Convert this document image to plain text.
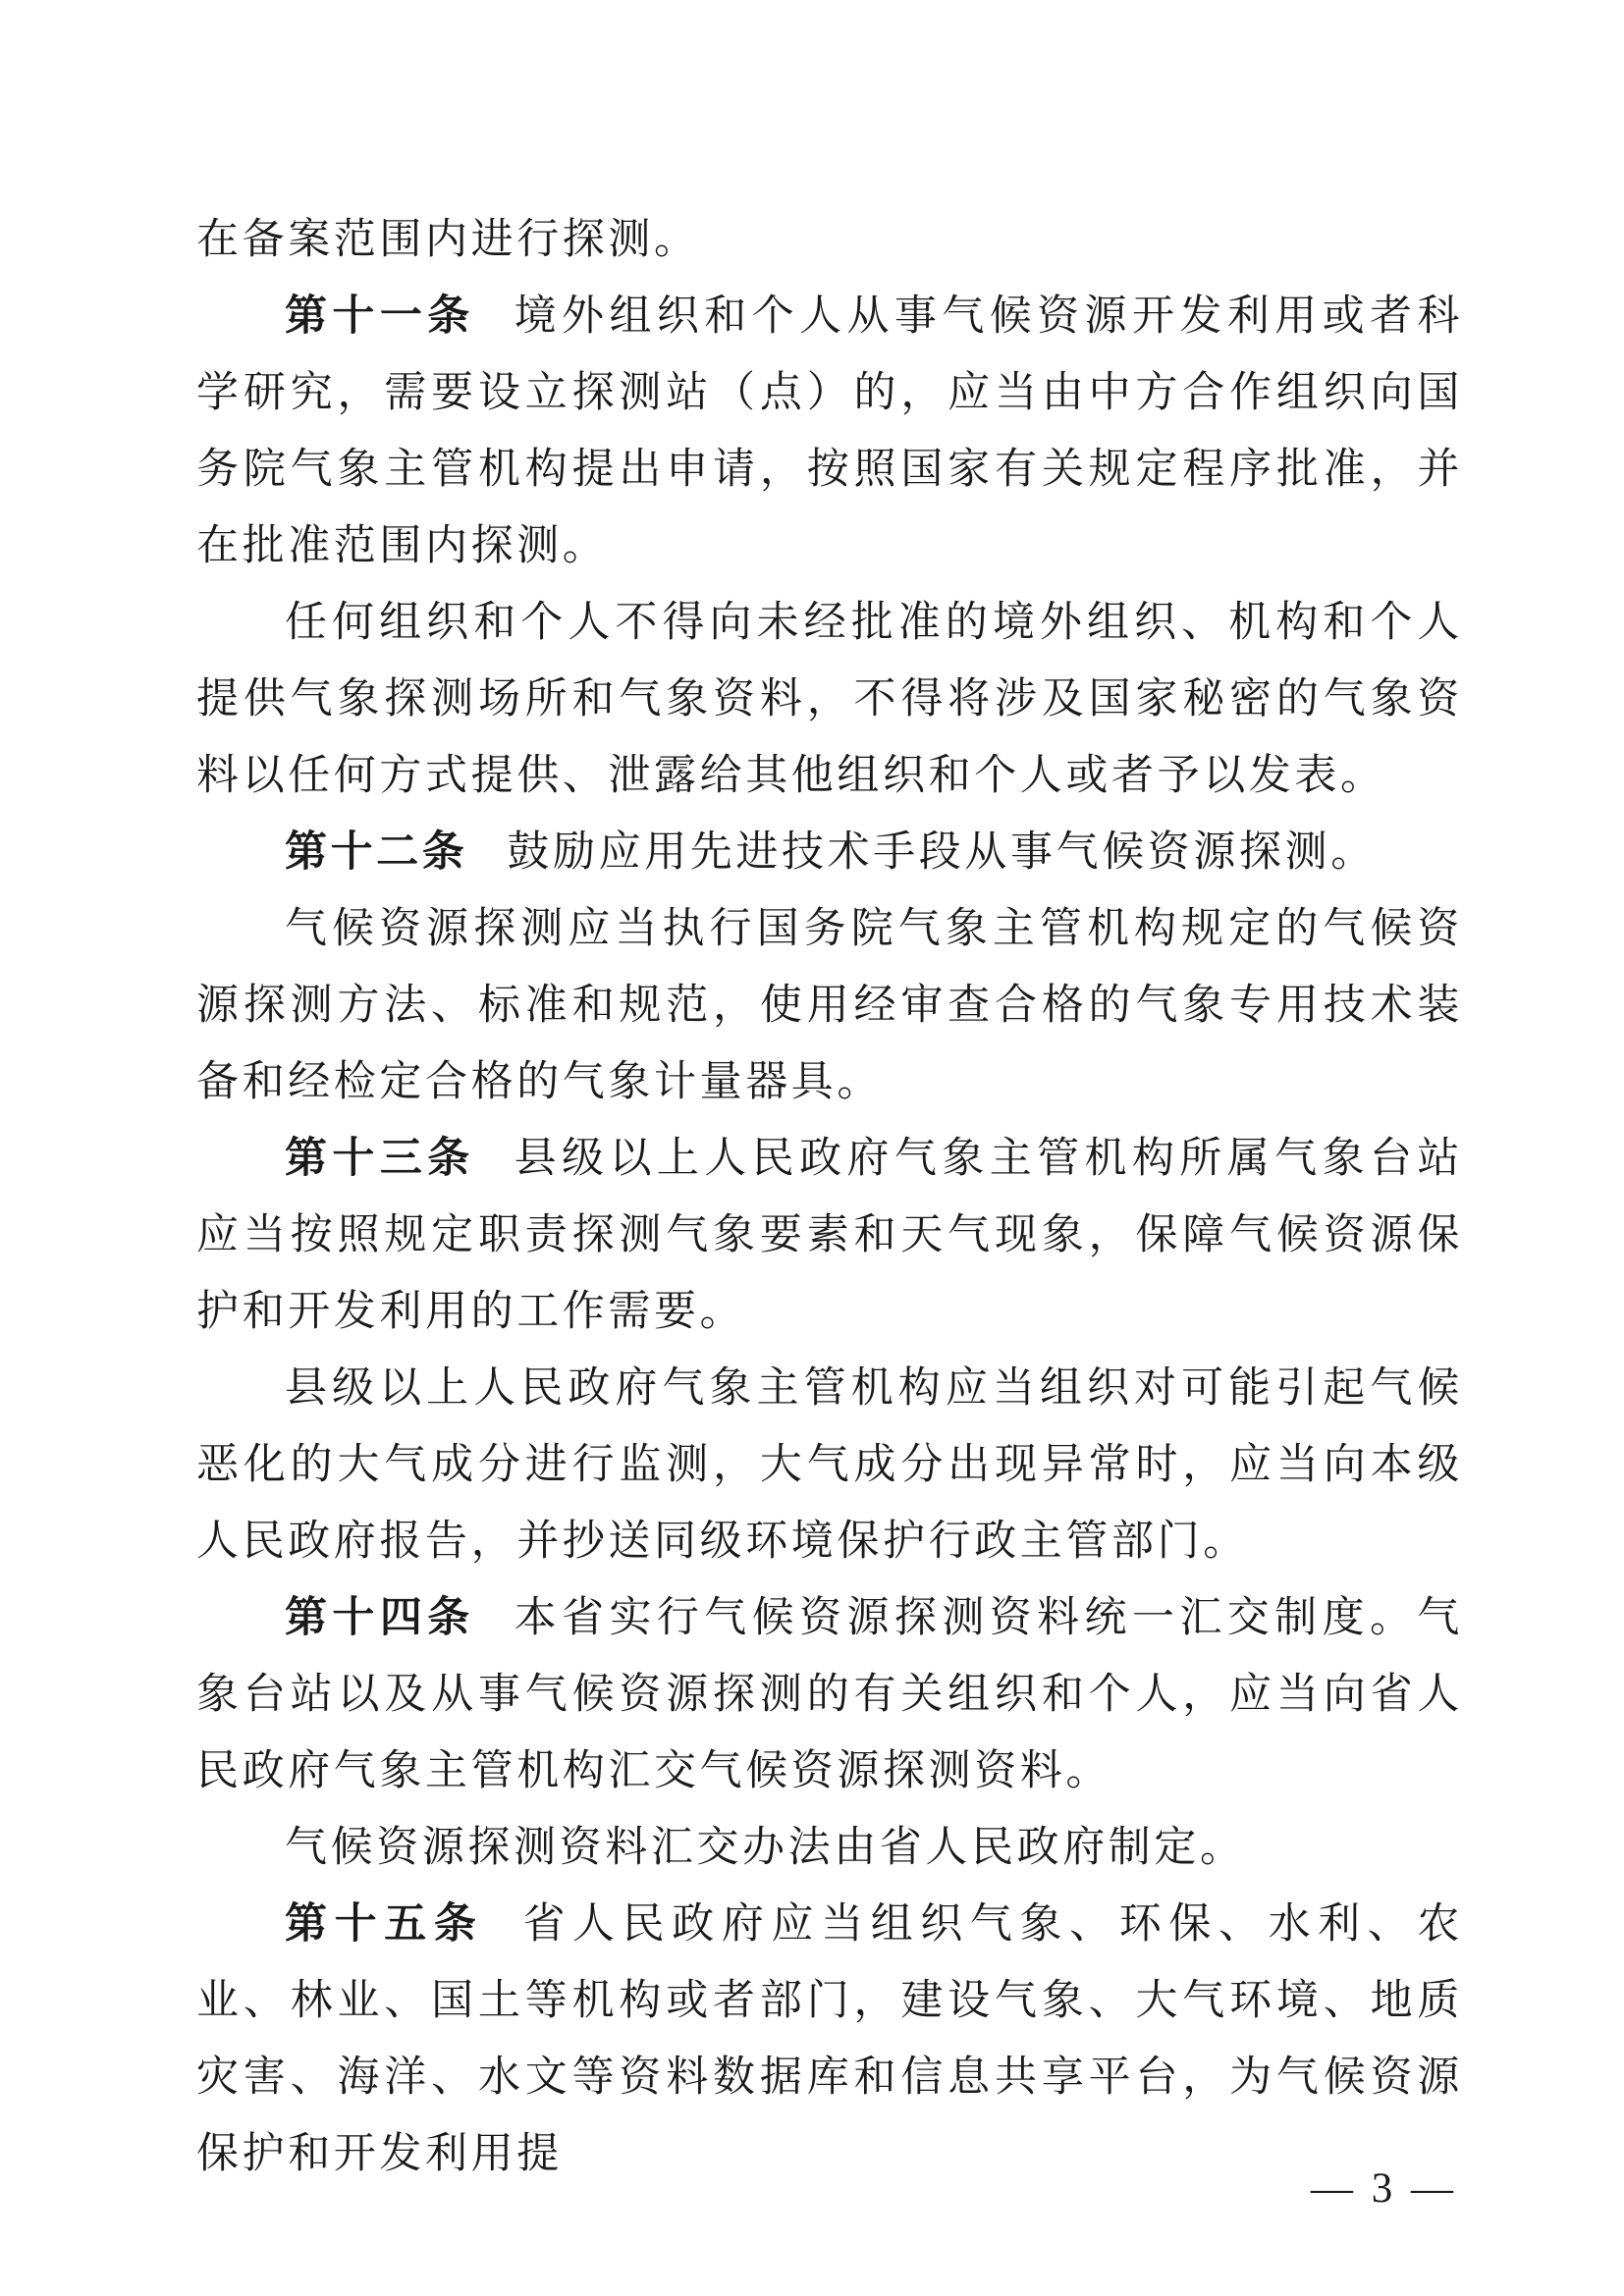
在备案范围内进行探测。

第十一条 境外组织和个人从事气候资源开发利用或者科学研究，需要设立探测站（点）的，应当由中方合作组织向国务院气象主管机构提出申请，按照国家有关规定程序批准，并在批准范围内探测。

任何组织和个人不得向未经批准的境外组织、机构和个人提供气象探测场所和气象资料，不得将涉及国家秘密的气象资料以任何方式提供、泄露给其他组织和个人或者予以发表。

第十二条 鼓励应用先进技术手段从事气候资源探测。

气候资源探测应当执行国务院气象主管机构规定的气候资源探测方法、标准和规范，使用经审查合格的气象专用技术装备和经检定合格的气象计量器具。

第十三条 县级以上人民政府气象主管机构所属气象台站应当按照规定职责探测气象要素和天气现象，保障气候资源保护和开发利用的工作需要。

县级以上人民政府气象主管机构应当组织对可能引起气候恶化的大气成分进行监测，大气成分出现异常时，应当向本级人民政府报告，并抄送同级环境保护行政主管部门。

第十四条 本省实行气候资源探测资料统一汇交制度。气象台站以及从事气候资源探测的有关组织和个人，应当向省人民政府气象主管机构汇交气候资源探测资料。

气候资源探测资料汇交办法由省人民政府制定。

第十五条 省人民政府应当组织气象、环保、水利、农业、林业、国土等机构或者部门，建设气象、大气环境、地质灾害、海洋、水文等资料数据库和信息共享平台，为气候资源保护和开发利用提

— 3 —
